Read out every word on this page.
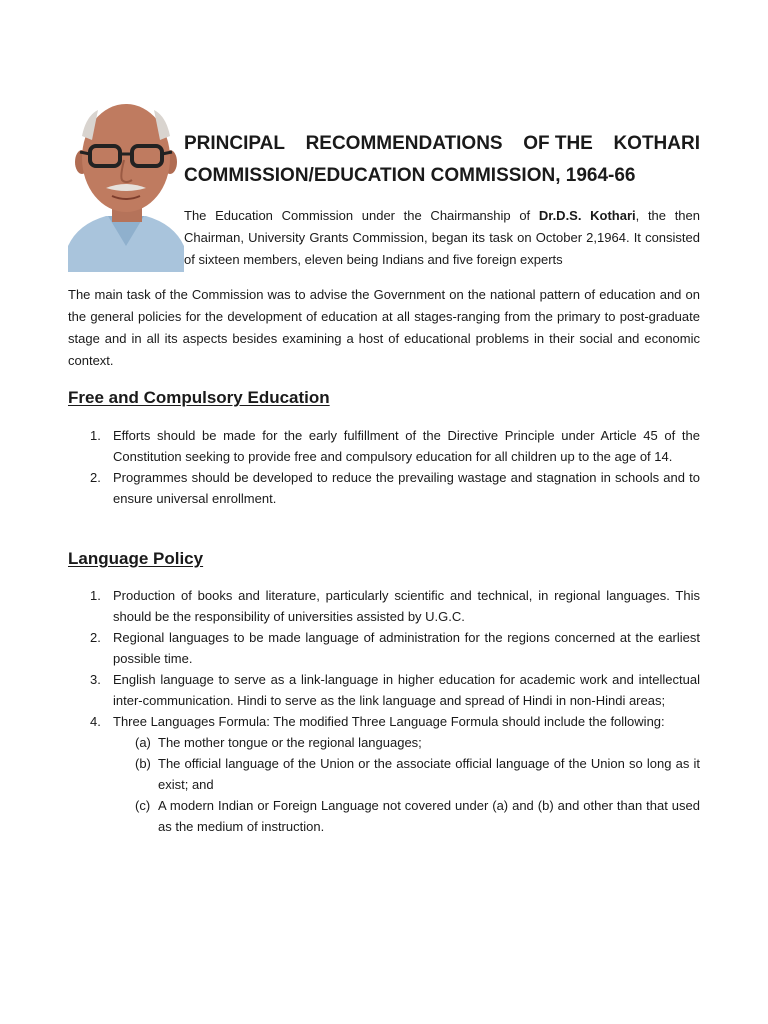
PRINCIPAL RECOMMENDATIONS OF THE KOTHARI
COMMISSION/EDUCATION COMMISSION, 1964-66

The Education Commission under the Chairmanship of Dr.D.S. Kothari, the then Chairman, University Grants Commission, began its task on October 2,1964. It consisted of sixteen members, eleven being Indians and five foreign experts

The main task of the Commission was to advise the Government on the national pattern of education and on the general policies for the development of education at all stages-ranging from the primary to post-graduate stage and in all its aspects besides examining a host of educational problems in their social and economic context.

Free and Compulsory Education
1. Efforts should be made for the early fulfillment of the Directive Principle under Article 45 of the Constitution seeking to provide free and compulsory education for all children up to the age of 14.
2. Programmes should be developed to reduce the prevailing wastage and stagnation in schools and to ensure universal enrollment.
Language Policy
1. Production of books and literature, particularly scientific and technical, in regional languages. This should be the responsibility of universities assisted by U.G.C.
2. Regional languages to be made language of administration for the regions concerned at the earliest possible time.
3. English language to serve as a link-language in higher education for academic work and intellectual inter-communication. Hindi to serve as the link language and spread of Hindi in non-Hindi areas;
4. Three Languages Formula: The modified Three Language Formula should include the following:
(a) The mother tongue or the regional languages;
(b) The official language of the Union or the associate official language of the Union so long as it exist; and
(c) A modern Indian or Foreign Language not covered under (a) and (b) and other than that used as the medium of instruction.
